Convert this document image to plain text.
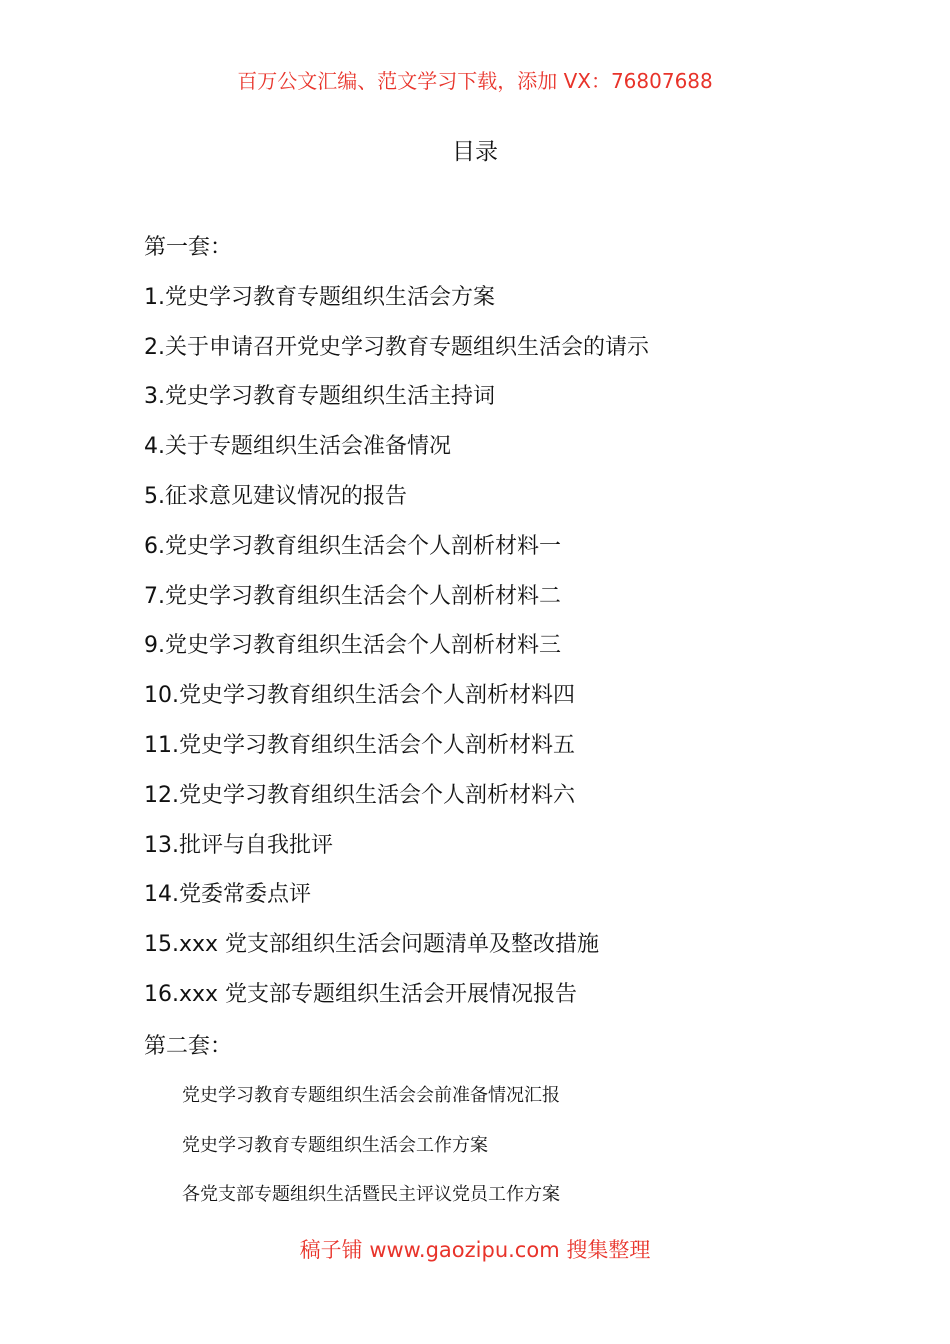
百万公文汇编、范文学习下载，添加 VX：76807688
目录
第一套：
1.党史学习教育专题组织生活会方案
2.关于申请召开党史学习教育专题组织生活会的请示
3.党史学习教育专题组织生活主持词
4.关于专题组织生活会准备情况
5.征求意见建议情况的报告
6.党史学习教育组织生活会个人剖析材料一
7.党史学习教育组织生活会个人剖析材料二
9.党史学习教育组织生活会个人剖析材料三
10.党史学习教育组织生活会个人剖析材料四
11.党史学习教育组织生活会个人剖析材料五
12.党史学习教育组织生活会个人剖析材料六
13.批评与自我批评
14.党委常委点评
15.xxx 党支部组织生活会问题清单及整改措施
16.xxx 党支部专题组织生活会开展情况报告
第二套：
党史学习教育专题组织生活会会前准备情况汇报
党史学习教育专题组织生活会工作方案
各党支部专题组织生活暨民主评议党员工作方案
稿子铺 www.gaozipu.com 搜集整理
